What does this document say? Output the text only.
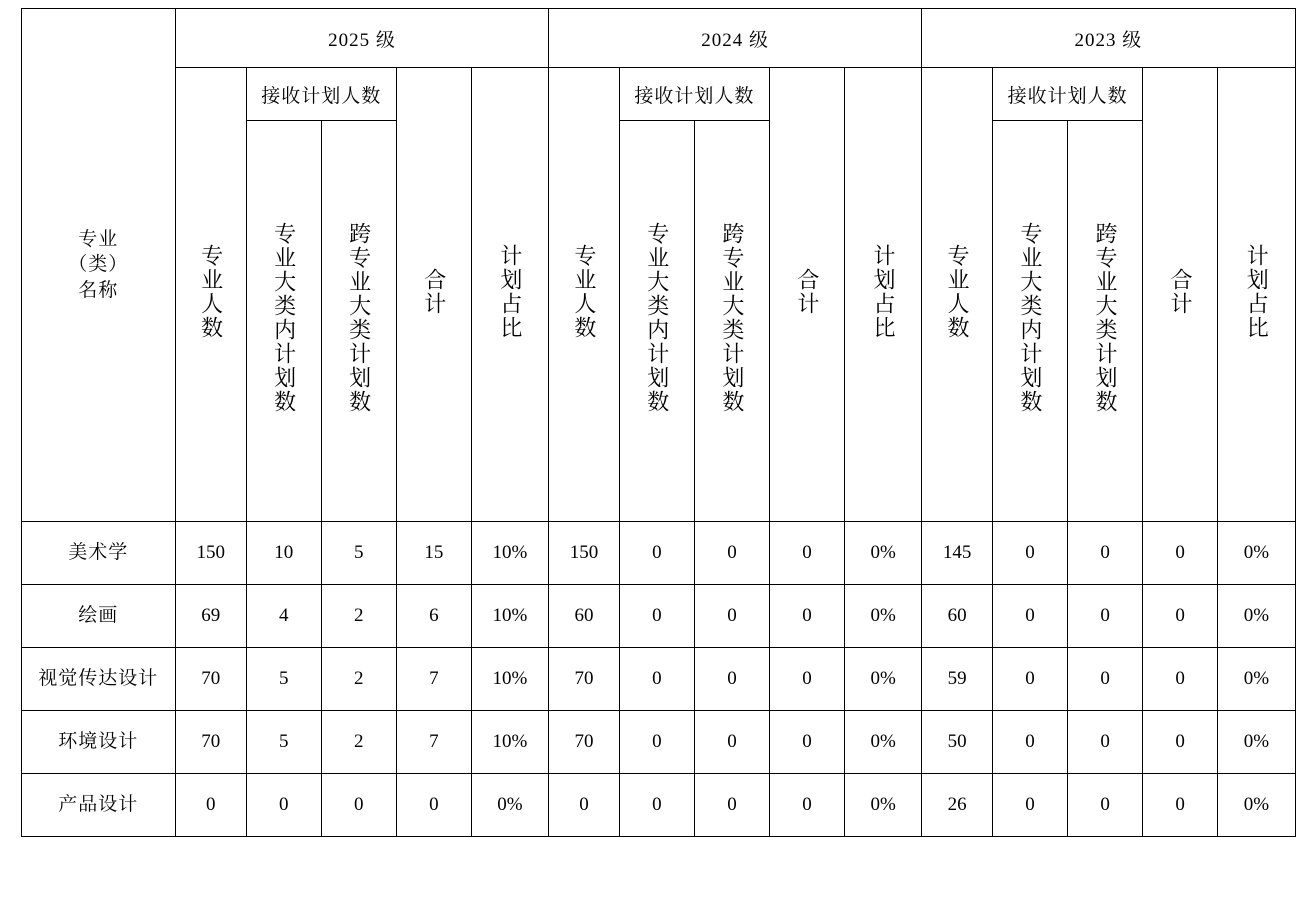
专业
（类）
名称	2025 级					2024 级					2023 级				
	专业人数	接收计划人数		合计	计划占比	专业人数	接收计划人数		合计	计划占比	专业人数	接收计划人数		合计	计划占比
		专业大类内计划数	跨专业大类计划数				专业大类内计划数	跨专业大类计划数				专业大类内计划数	跨专业大类计划数		
美术学	150	10	5	15	10%	150	0	0	0	0%	145	0	0	0	0%
绘画	69	4	2	6	10%	60	0	0	0	0%	60	0	0	0	0%
视觉传达设计	70	5	2	7	10%	70	0	0	0	0%	59	0	0	0	0%
环境设计	70	5	2	7	10%	70	0	0	0	0%	50	0	0	0	0%
产品设计	0	0	0	0	0%	0	0	0	0	0%	26	0	0	0	0%
